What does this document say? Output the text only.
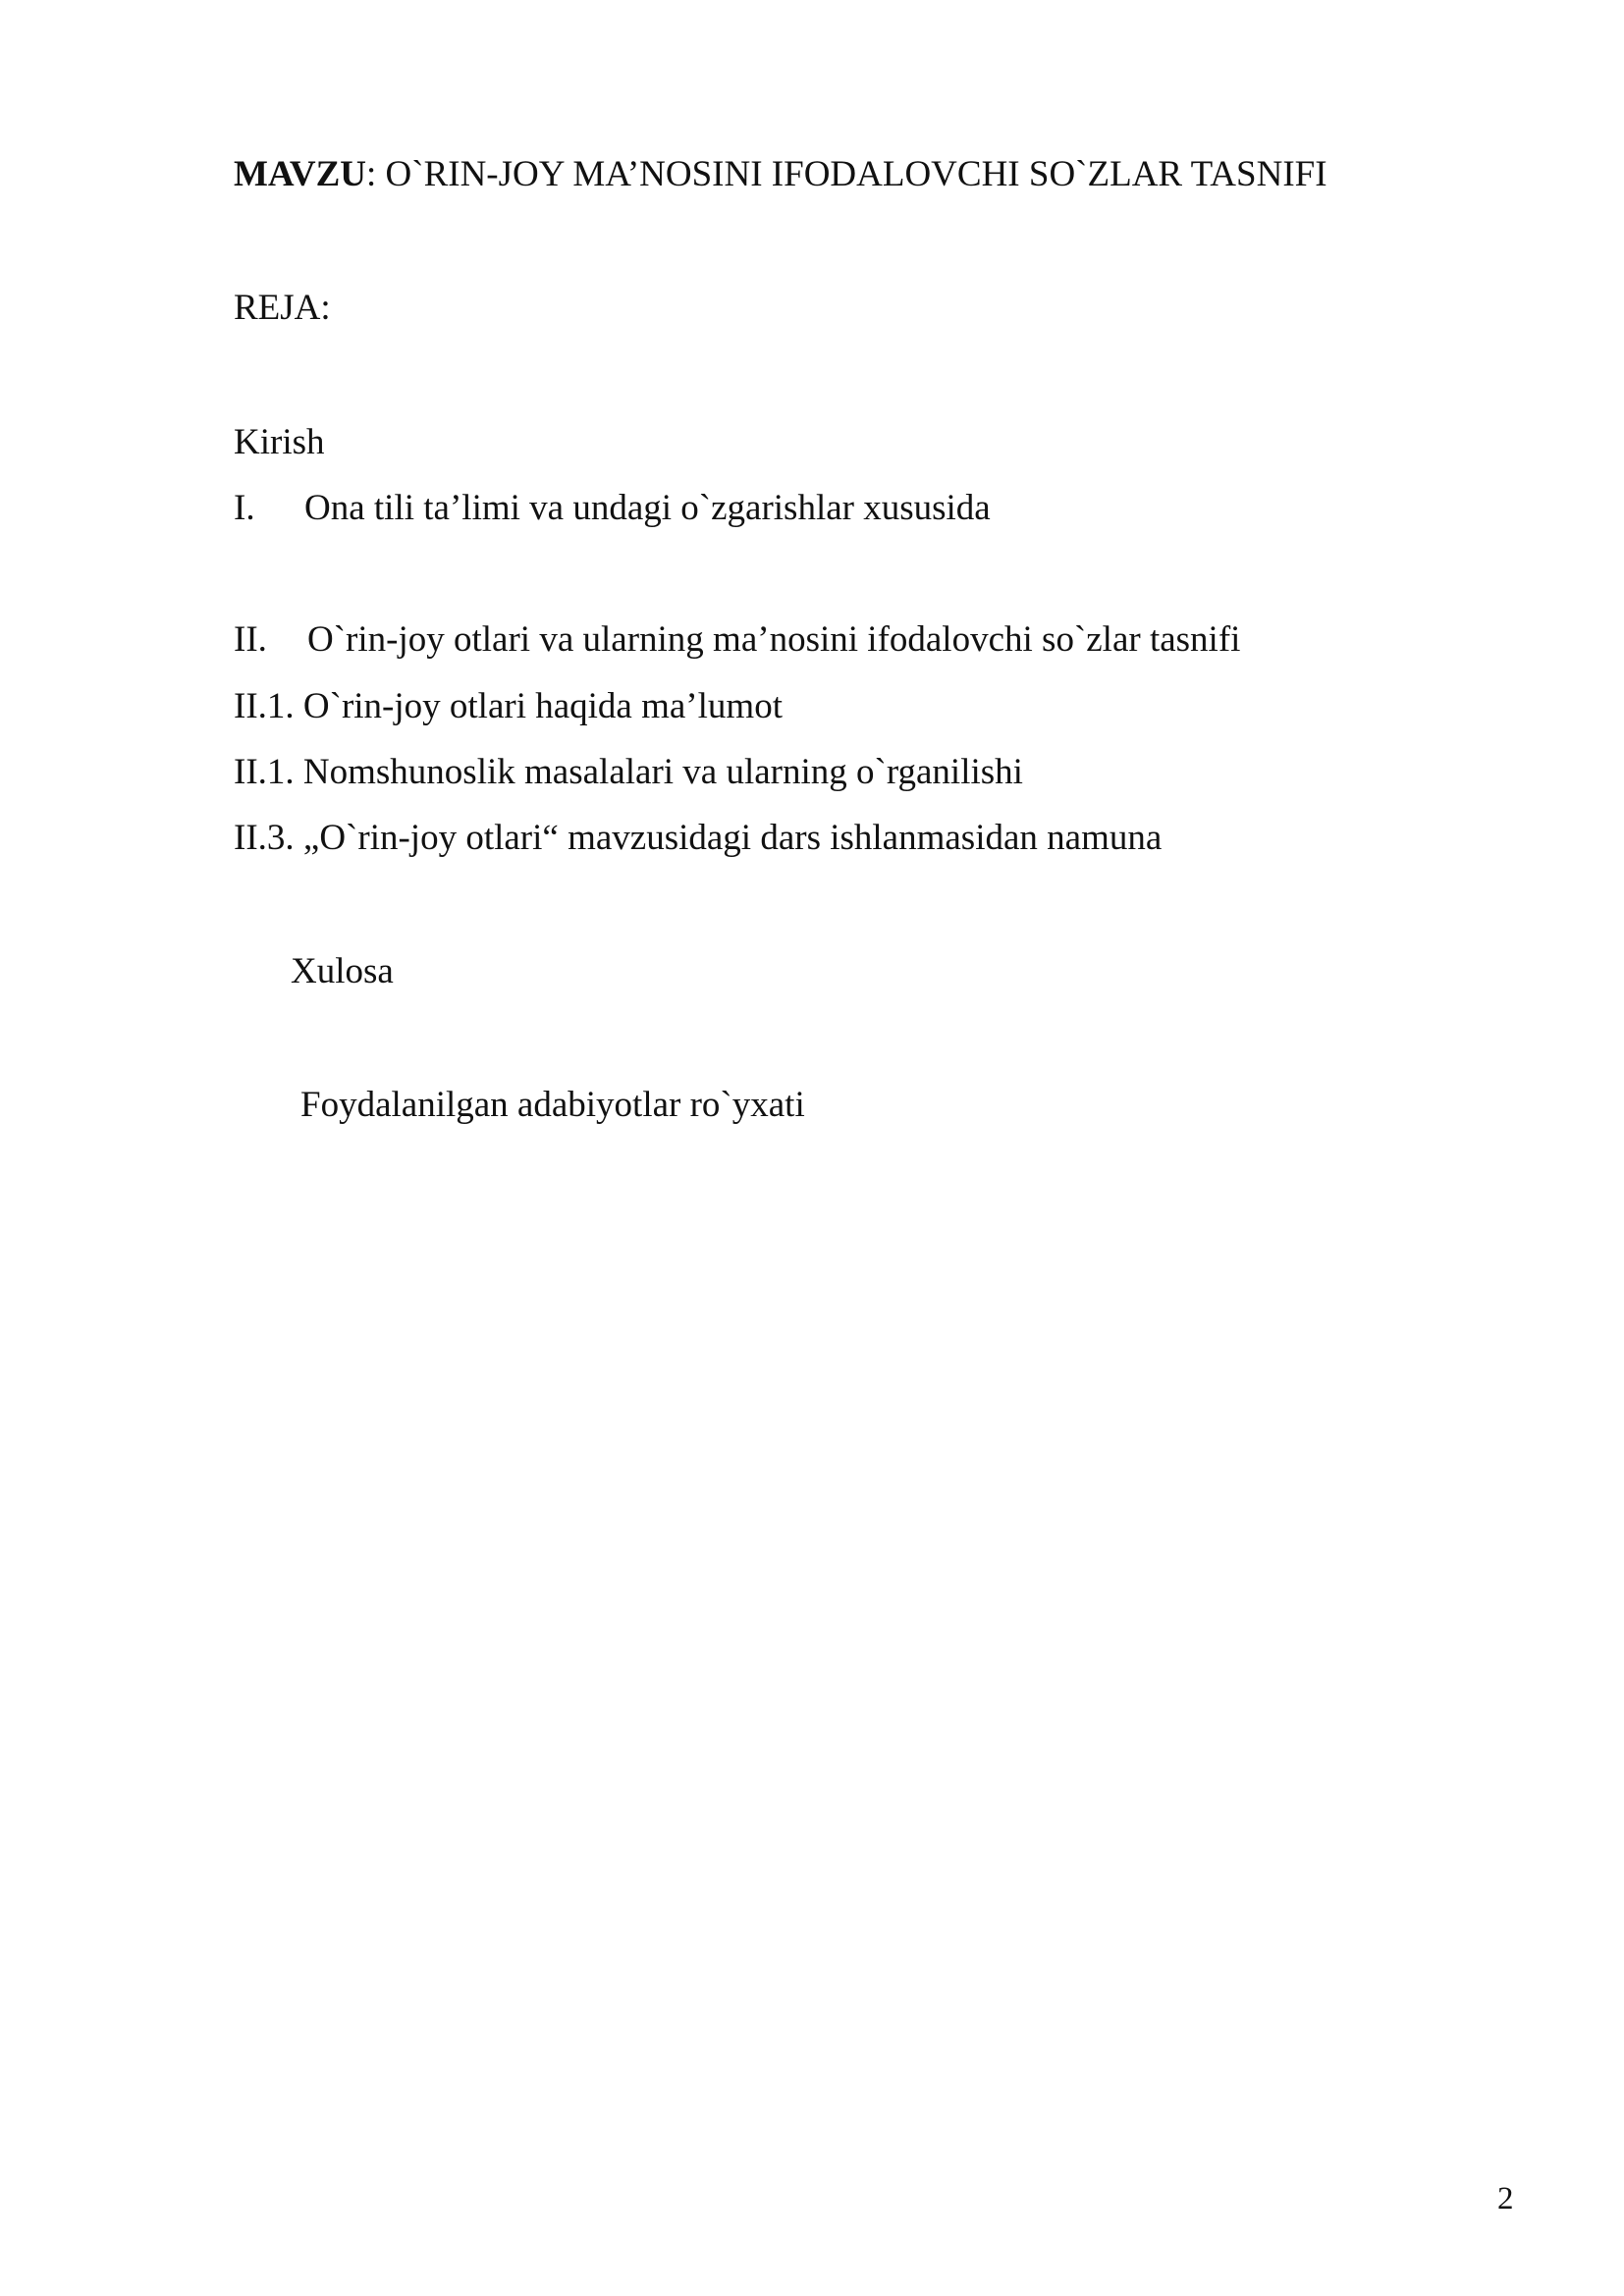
MAVZU: O`RIN-JOY MA’NOSINI IFODALOVCHI SO`ZLAR TASNIFI
REJA:
Kirish
I. Ona tili ta’limi va undagi o`zgarishlar xususida
II. O`rin-joy otlari va ularning ma’nosini ifodalovchi so`zlar tasnifi
II.1. O`rin-joy otlari haqida ma’lumot
II.1. Nomshunoslik masalalari va ularning o`rganilishi
II.3. „O`rin-joy otlari“ mavzusidagi dars ishlanmasidan namuna
Xulosa
Foydalanilgan adabiyotlar ro`yxati
2
